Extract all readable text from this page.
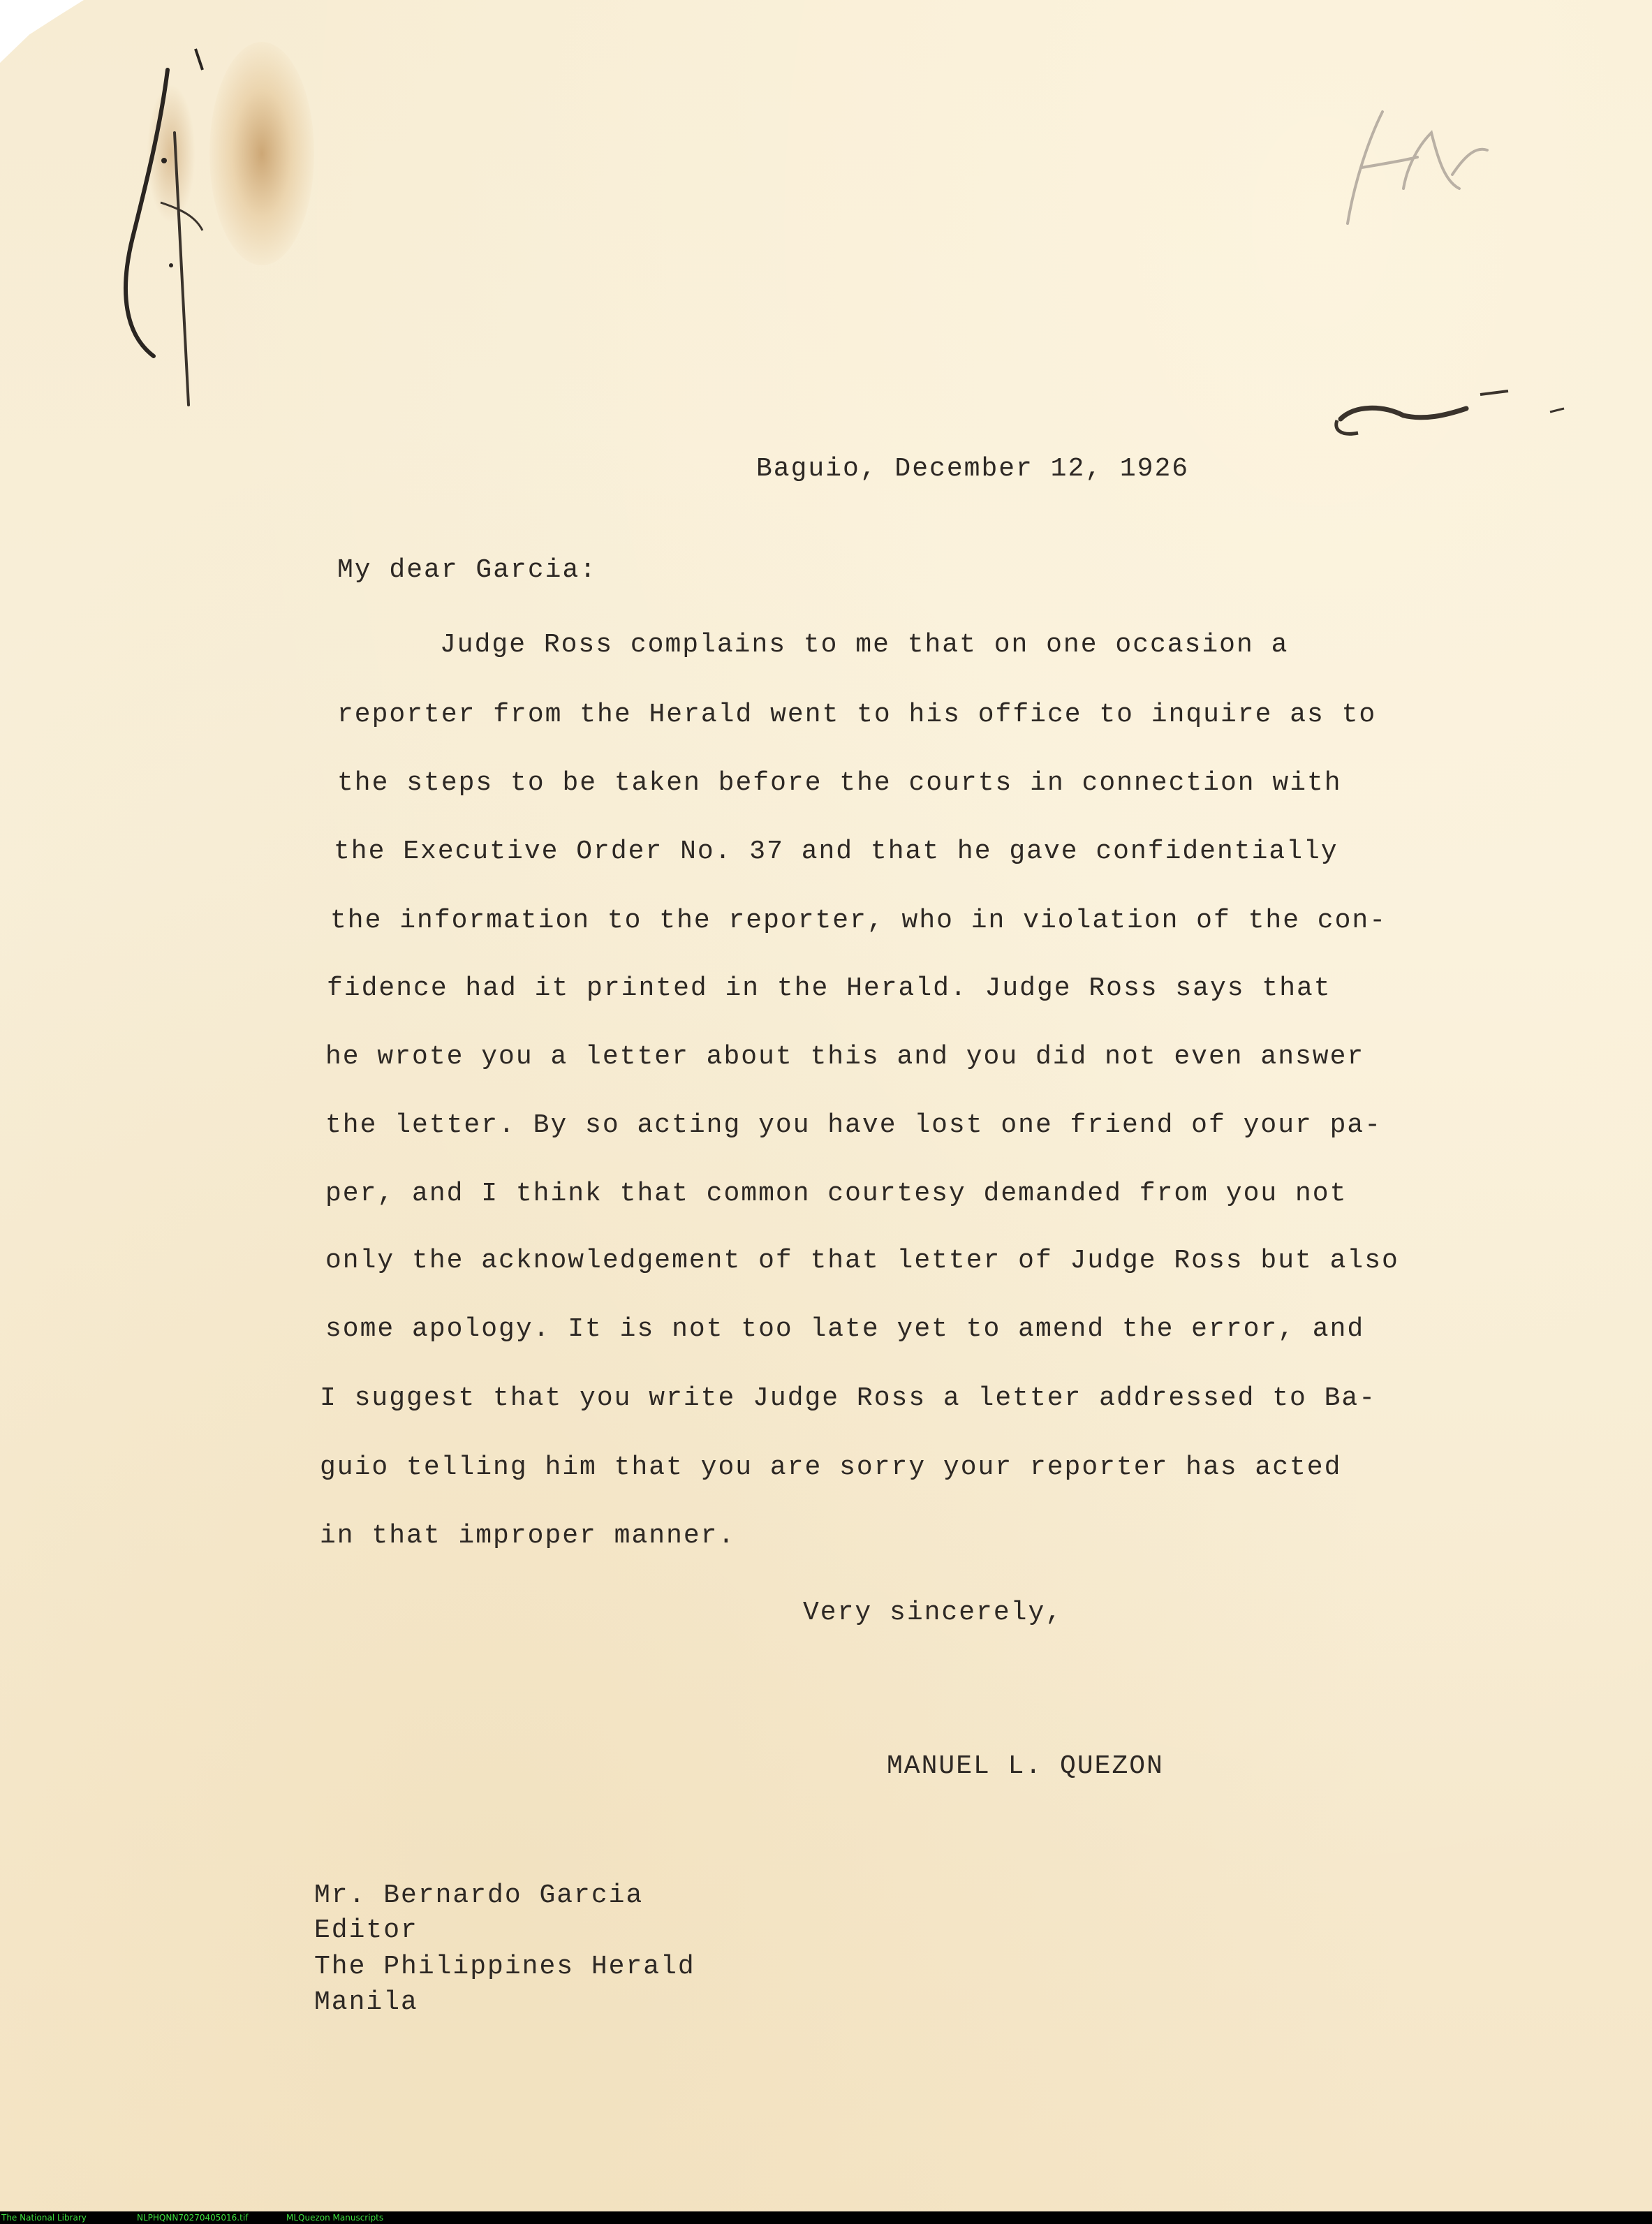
Baguio, December 12, 1926
My dear Garcia:
Judge Ross complains to me that on one occasion a
reporter from the Herald went to his office to inquire as to
the steps to be taken before the courts in connection with
the Executive Order No. 37 and that he gave confidentially
the information to the reporter, who in violation of the con-
fidence had it printed in the Herald. Judge Ross says that
he wrote you a letter about this and you did not even answer
the letter. By so acting you have lost one friend of your pa-
per, and I think that common courtesy demanded from you not
only the acknowledgement of that letter of Judge Ross but also
some apology. It is not too late yet to amend the error, and
I suggest that you write Judge Ross a letter addressed to Ba-
guio telling him that you are sorry your reporter has acted
in that improper manner.
Very sincerely,
MANUEL L. QUEZON
Mr. Bernardo Garcia
Editor
The Philippines Herald
Manila
The National Library	NLPHQNN70270405016.tif	MLQuezon Manuscripts
